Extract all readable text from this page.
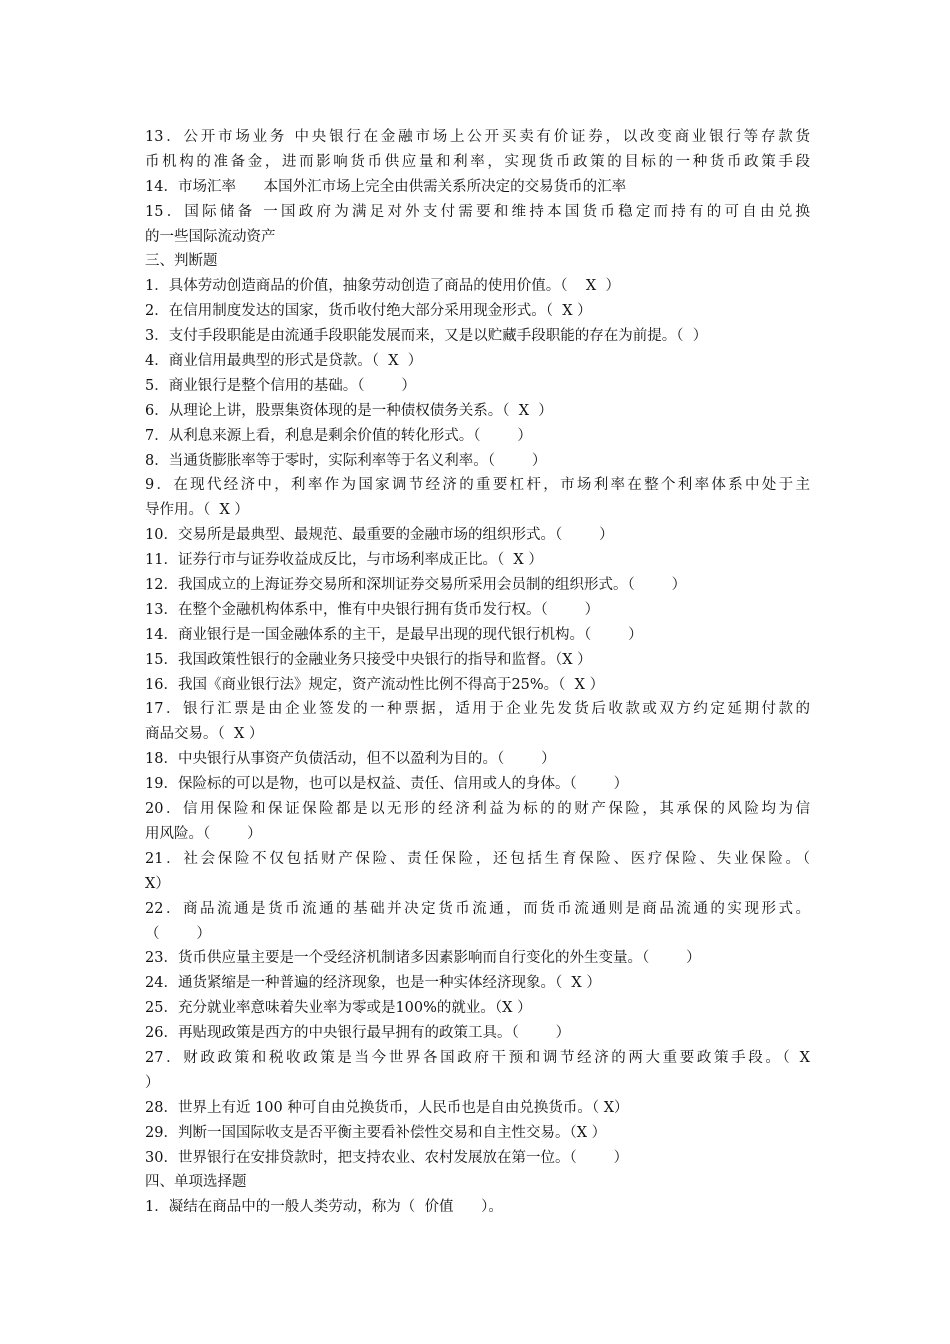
13．公开市场业务 中央银行在金融市场上公开买卖有价证券，以改变商业银行等存款货
币机构的准备金，进而影响货币供应量和利率，实现货币政策的目标的一种货币政策手段
14．市场汇率      本国外汇市场上完全由供需关系所决定的交易货币的汇率
15．国际储备 一国政府为满足对外支付需要和维持本国货币稳定而持有的可自由兑换
的一些国际流动资产
三、判断题
1．具体劳动创造商品的价值，抽象劳动创造了商品的使用价值。（    X  ）
2．在信用制度发达的国家，货币收付绝大部分采用现金形式。（  X ）
3．支付手段职能是由流通手段职能发展而来，又是以贮藏手段职能的存在为前提。（  ）
4．商业信用最典型的形式是贷款。（  X  ）
5．商业银行是整个信用的基础。（        ）
6．从理论上讲，股票集资体现的是一种债权债务关系。（  X  ）
7．从利息来源上看，利息是剩余价值的转化形式。（        ）
8．当通货膨胀率等于零时，实际利率等于名义利率。（        ）
9．在现代经济中，利率作为国家调节经济的重要杠杆，市场利率在整个利率体系中处于主
导作用。（  X ）
10．交易所是最典型、最规范、最重要的金融市场的组织形式。（        ）
11．证券行市与证券收益成反比，与市场利率成正比。（  X ）
12．我国成立的上海证券交易所和深圳证券交易所采用会员制的组织形式。（        ）
13．在整个金融机构体系中，惟有中央银行拥有货币发行权。（        ）
14．商业银行是一国金融体系的主干，是最早出现的现代银行机构。（        ）
15．我国政策性银行的金融业务只接受中央银行的指导和监督。（X ）
16．我国《商业银行法》规定，资产流动性比例不得高于25%。（  X ）
17．银行汇票是由企业签发的一种票据，适用于企业先发货后收款或双方约定延期付款的
商品交易。（  X ）
18．中央银行从事资产负债活动，但不以盈利为目的。（        ）
19．保险标的可以是物，也可以是权益、责任、信用或人的身体。（        ）
20．信用保险和保证保险都是以无形的经济利益为标的的财产保险，其承保的风险均为信
用风险。（        ）
21．社会保险不仅包括财产保险、责任保险，还包括生育保险、医疗保险、失业保险。（
X）
22．商品流通是货币流通的基础并决定货币流通，而货币流通则是商品流通的实现形式。
（        ）
23．货币供应量主要是一个受经济机制诸多因素影响而自行变化的外生变量。（        ）
24．通货紧缩是一种普遍的经济现象，也是一种实体经济现象。（  X ）
25．充分就业率意味着失业率为零或是100%的就业。（X ）
26．再贴现政策是西方的中央银行最早拥有的政策工具。（        ）
27．财政政策和税收政策是当今世界各国政府干预和调节经济的两大重要政策手段。（ X
）
28．世界上有近 100 种可自由兑换货币，人民币也是自由兑换货币。（ X）
29．判断一国国际收支是否平衡主要看补偿性交易和自主性交易。（X ）
30．世界银行在安排贷款时，把支持农业、农村发展放在第一位。（        ）
四、单项选择题
1．凝结在商品中的一般人类劳动，称为（  价值      ）。
